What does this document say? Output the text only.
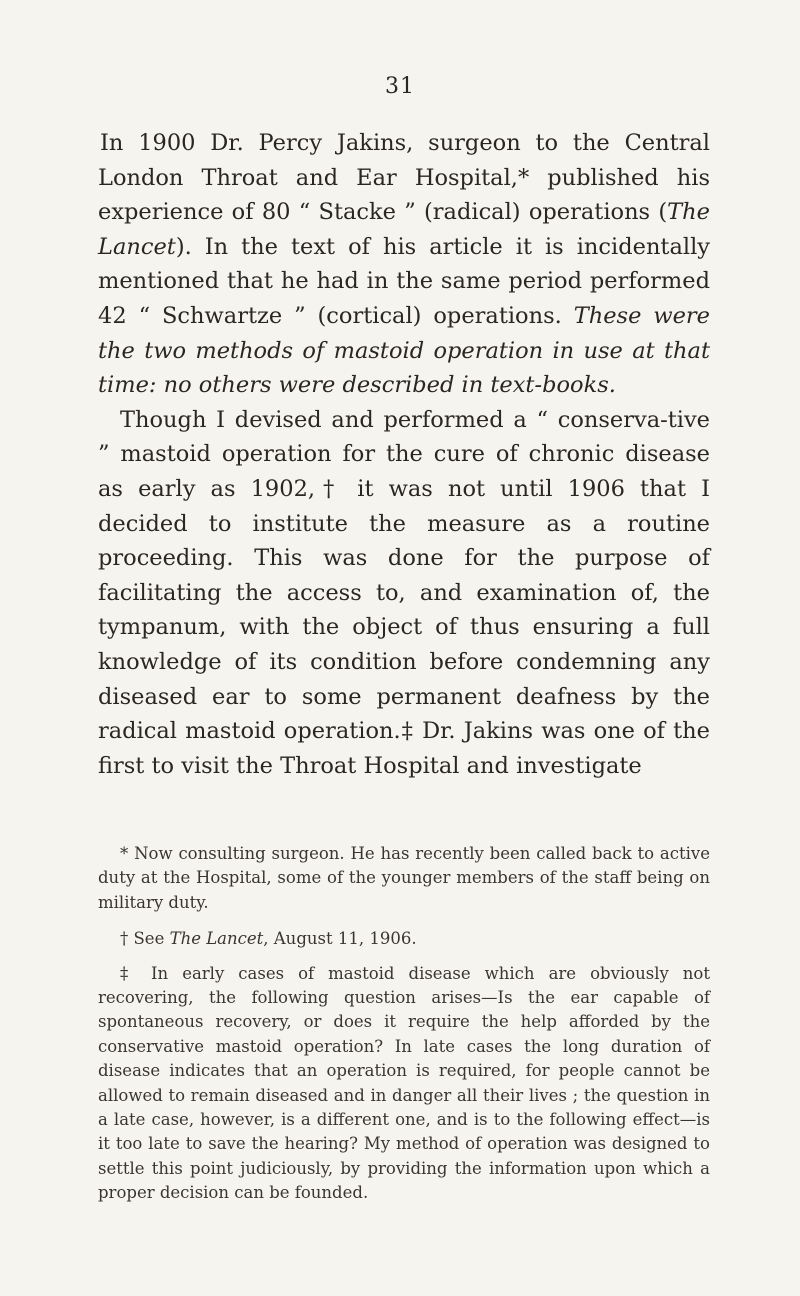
31

In 1900 Dr. Percy Jakins, surgeon to the Central London Throat and Ear Hospital,* published his experience of 80 “ Stacke ” (radical) operations (The Lancet). In the text of his article it is incidentally mentioned that he had in the same period performed 42 “ Schwartze ” (cortical) operations. These were the two methods of mastoid operation in use at that time: no others were described in text-books.

Though I devised and performed a “ conserva-tive ” mastoid operation for the cure of chronic disease as early as 1902,† it was not until 1906 that I decided to institute the measure as a routine proceeding. This was done for the purpose of facilitating the access to, and examination of, the tympanum, with the object of thus ensuring a full knowledge of its condition before condemning any diseased ear to some permanent deafness by the radical mastoid operation.‡ Dr. Jakins was one of the first to visit the Throat Hospital and investigate

* Now consulting surgeon. He has recently been called back to active duty at the Hospital, some of the younger members of the staff being on military duty.

† See The Lancet, August 11, 1906.

‡ In early cases of mastoid disease which are obviously not recovering, the following question arises—Is the ear capable of spontaneous recovery, or does it require the help afforded by the conservative mastoid operation? In late cases the long duration of disease indicates that an operation is required, for people cannot be allowed to remain diseased and in danger all their lives ; the question in a late case, however, is a different one, and is to the following effect—is it too late to save the hearing? My method of operation was designed to settle this point judiciously, by providing the information upon which a proper decision can be founded.
